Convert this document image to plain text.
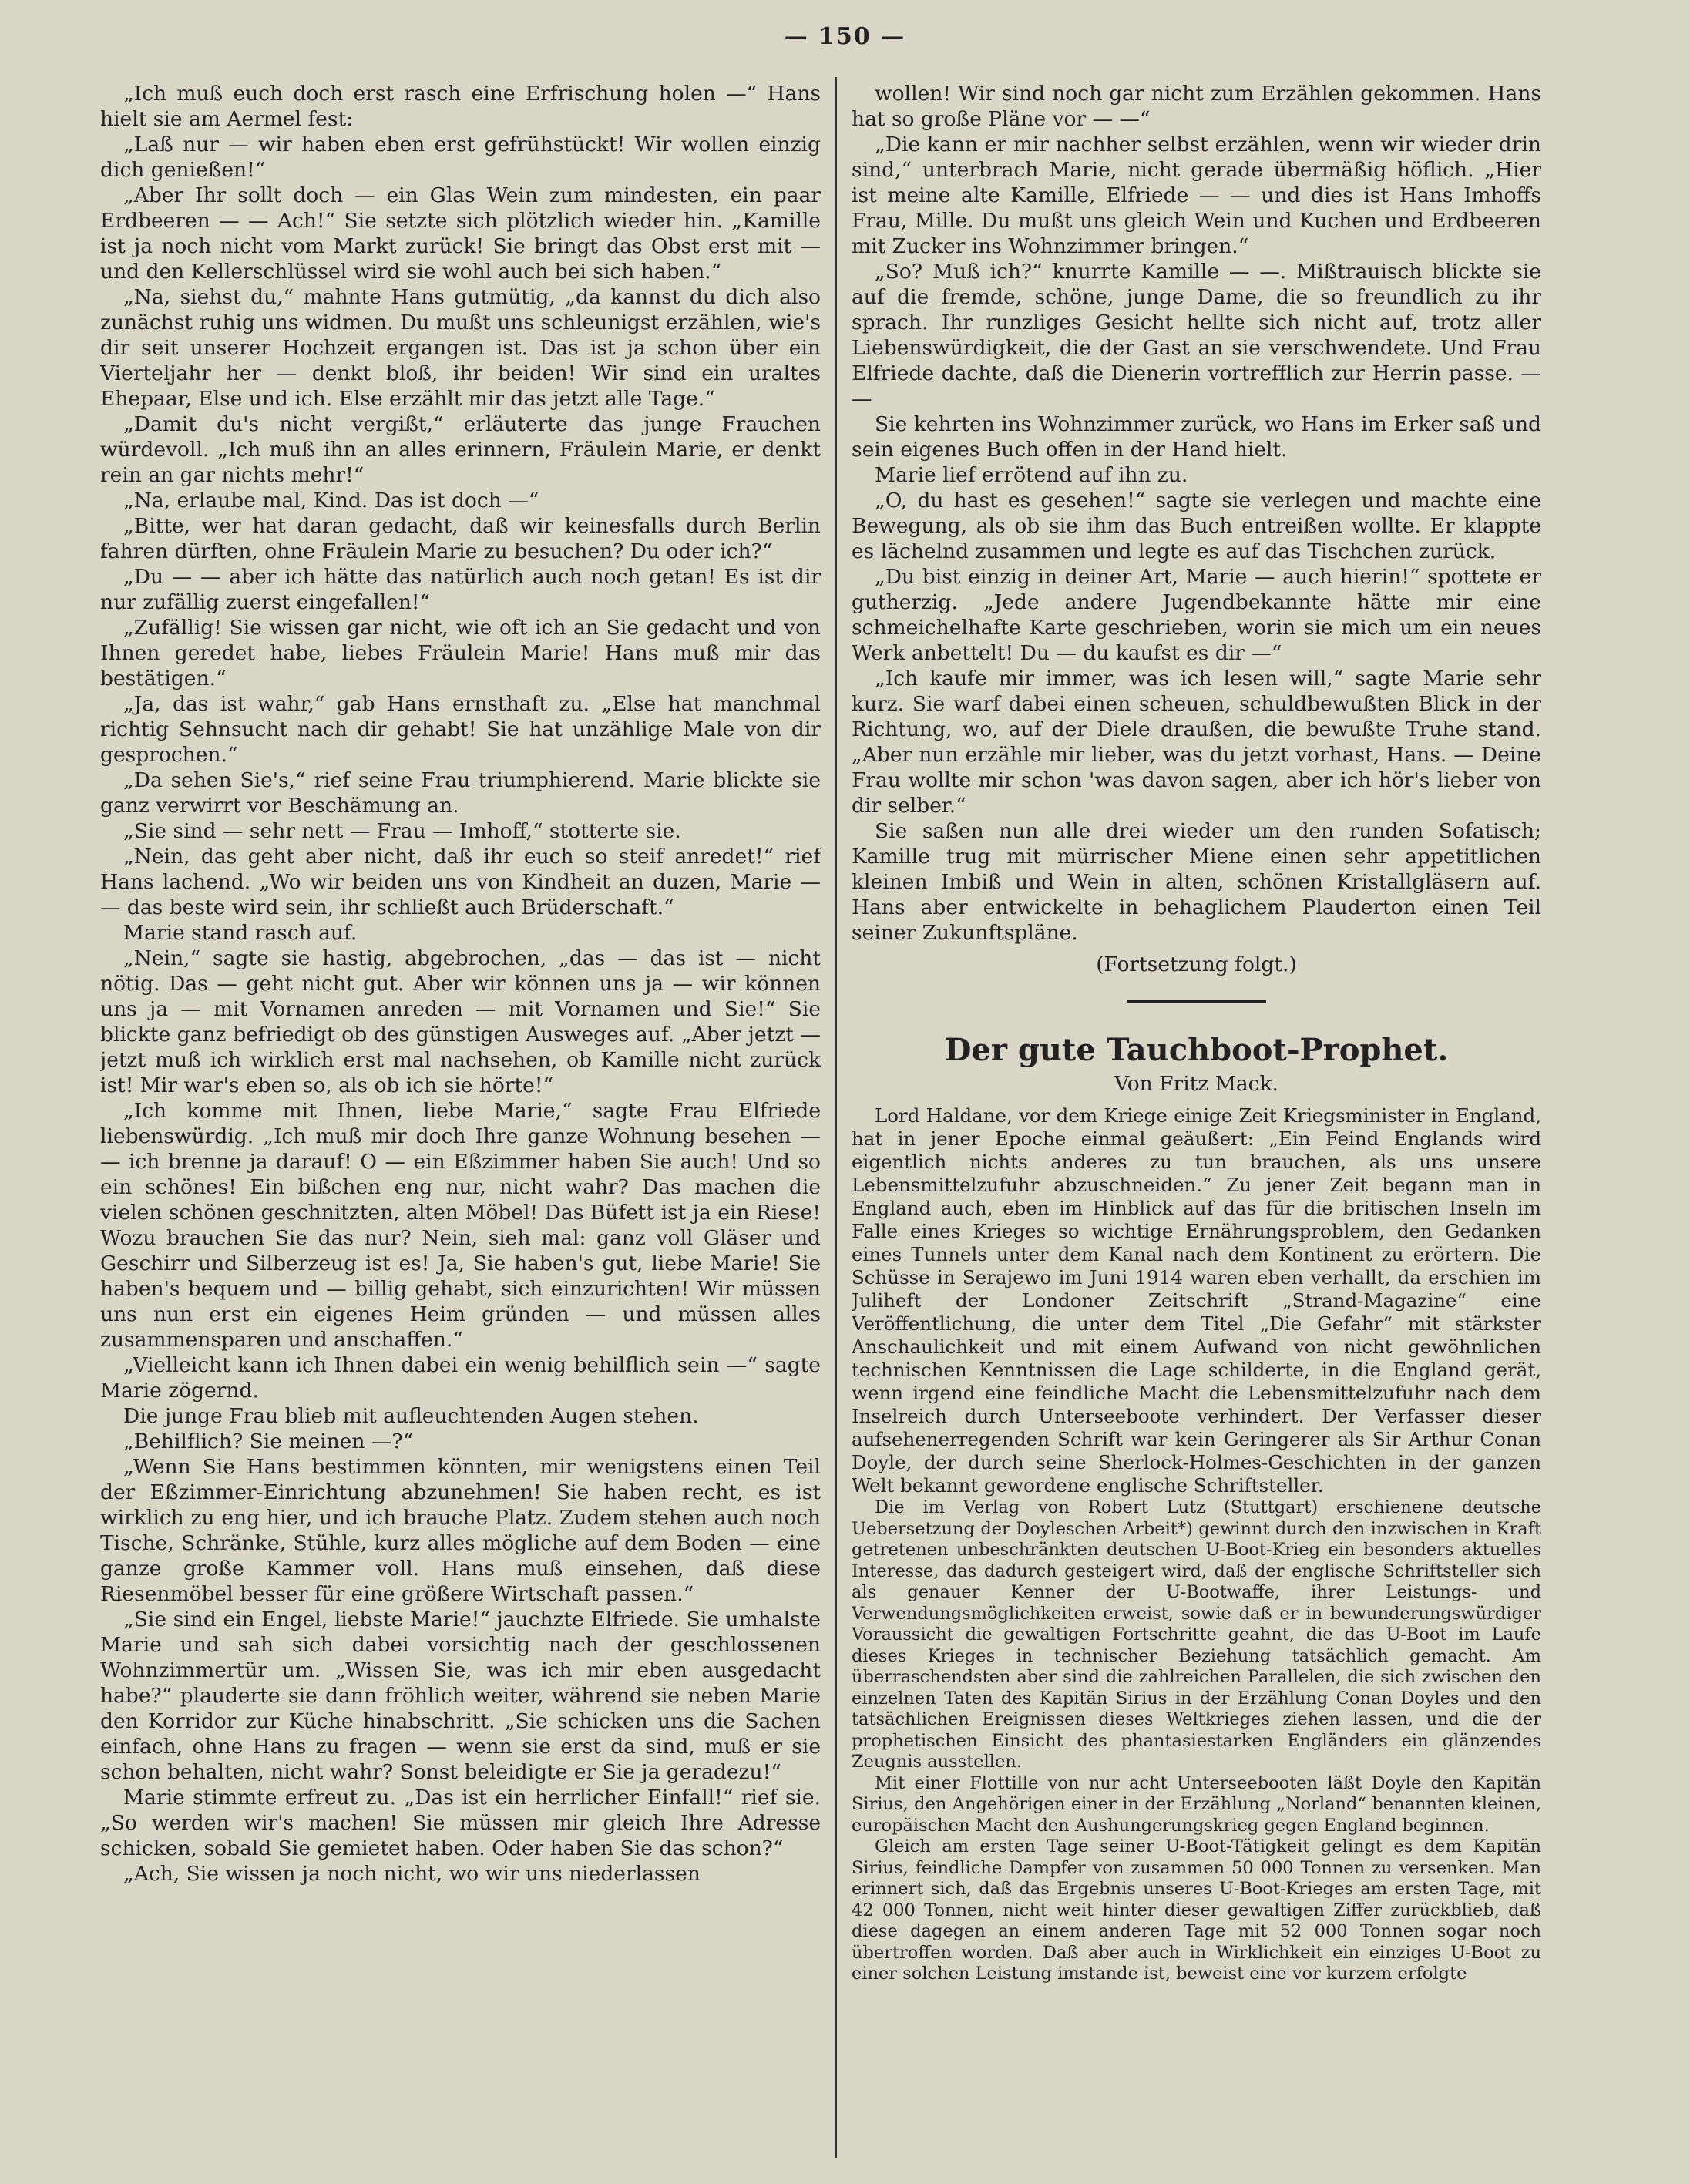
— 150 —

„Ich muß euch doch erst rasch eine Erfrischung holen —“ Hans hielt sie am Aermel fest:

„Laß nur — wir haben eben erst gefrühstückt! Wir wollen einzig dich genießen!“

„Aber Ihr sollt doch — ein Glas Wein zum mindesten, ein paar Erdbeeren — — Ach!“ Sie setzte sich plötzlich wieder hin. „Kamille ist ja noch nicht vom Markt zurück! Sie bringt das Obst erst mit — und den Kellerschlüssel wird sie wohl auch bei sich haben.“

„Na, siehst du,“ mahnte Hans gutmütig, „da kannst du dich also zunächst ruhig uns widmen. Du mußt uns schleunigst erzählen, wie's dir seit unserer Hochzeit ergangen ist. Das ist ja schon über ein Vierteljahr her — denkt bloß, ihr beiden! Wir sind ein uraltes Ehepaar, Else und ich. Else erzählt mir das jetzt alle Tage.“

„Damit du's nicht vergißt,“ erläuterte das junge Frauchen würdevoll. „Ich muß ihn an alles erinnern, Fräulein Marie, er denkt rein an gar nichts mehr!“

„Na, erlaube mal, Kind. Das ist doch —“

„Bitte, wer hat daran gedacht, daß wir keinesfalls durch Berlin fahren dürften, ohne Fräulein Marie zu besuchen? Du oder ich?“

„Du — — aber ich hätte das natürlich auch noch getan! Es ist dir nur zufällig zuerst eingefallen!“

„Zufällig! Sie wissen gar nicht, wie oft ich an Sie gedacht und von Ihnen geredet habe, liebes Fräulein Marie! Hans muß mir das bestätigen.“

„Ja, das ist wahr,“ gab Hans ernsthaft zu. „Else hat manchmal richtig Sehnsucht nach dir gehabt! Sie hat unzählige Male von dir gesprochen.“

„Da sehen Sie's,“ rief seine Frau triumphierend. Marie blickte sie ganz verwirrt vor Beschämung an.

„Sie sind — sehr nett — Frau — Imhoff,“ stotterte sie.

„Nein, das geht aber nicht, daß ihr euch so steif anredet!“ rief Hans lachend. „Wo wir beiden uns von Kindheit an duzen, Marie — — das beste wird sein, ihr schließt auch Brüderschaft.“

Marie stand rasch auf.

„Nein,“ sagte sie hastig, abgebrochen, „das — das ist — nicht nötig. Das — geht nicht gut. Aber wir können uns ja — wir können uns ja — mit Vornamen anreden — mit Vornamen und Sie!“ Sie blickte ganz befriedigt ob des günstigen Ausweges auf. „Aber jetzt — jetzt muß ich wirklich erst mal nachsehen, ob Kamille nicht zurück ist! Mir war's eben so, als ob ich sie hörte!“

„Ich komme mit Ihnen, liebe Marie,“ sagte Frau Elfriede liebenswürdig. „Ich muß mir doch Ihre ganze Wohnung besehen — — ich brenne ja darauf! O — ein Eßzimmer haben Sie auch! Und so ein schönes! Ein bißchen eng nur, nicht wahr? Das machen die vielen schönen geschnitzten, alten Möbel! Das Büfett ist ja ein Riese! Wozu brauchen Sie das nur? Nein, sieh mal: ganz voll Gläser und Geschirr und Silberzeug ist es! Ja, Sie haben's gut, liebe Marie! Sie haben's bequem und — billig gehabt, sich einzurichten! Wir müssen uns nun erst ein eigenes Heim gründen — und müssen alles zusammensparen und anschaffen.“

„Vielleicht kann ich Ihnen dabei ein wenig behilflich sein —“ sagte Marie zögernd.

Die junge Frau blieb mit aufleuchtenden Augen stehen.

„Behilflich? Sie meinen —?“

„Wenn Sie Hans bestimmen könnten, mir wenigstens einen Teil der Eßzimmer-Einrichtung abzunehmen! Sie haben recht, es ist wirklich zu eng hier, und ich brauche Platz. Zudem stehen auch noch Tische, Schränke, Stühle, kurz alles mögliche auf dem Boden — eine ganze große Kammer voll. Hans muß einsehen, daß diese Riesenmöbel besser für eine größere Wirtschaft passen.“

„Sie sind ein Engel, liebste Marie!“ jauchzte Elfriede. Sie umhalste Marie und sah sich dabei vorsichtig nach der geschlossenen Wohnzimmertür um. „Wissen Sie, was ich mir eben ausgedacht habe?“ plauderte sie dann fröhlich weiter, während sie neben Marie den Korridor zur Küche hinabschritt. „Sie schicken uns die Sachen einfach, ohne Hans zu fragen — wenn sie erst da sind, muß er sie schon behalten, nicht wahr? Sonst beleidigte er Sie ja geradezu!“

Marie stimmte erfreut zu. „Das ist ein herrlicher Einfall!“ rief sie. „So werden wir's machen! Sie müssen mir gleich Ihre Adresse schicken, sobald Sie gemietet haben. Oder haben Sie das schon?“

„Ach, Sie wissen ja noch nicht, wo wir uns niederlassen

wollen! Wir sind noch gar nicht zum Erzählen gekommen. Hans hat so große Pläne vor — —“

„Die kann er mir nachher selbst erzählen, wenn wir wieder drin sind,“ unterbrach Marie, nicht gerade übermäßig höflich. „Hier ist meine alte Kamille, Elfriede — — und dies ist Hans Imhoffs Frau, Mille. Du mußt uns gleich Wein und Kuchen und Erdbeeren mit Zucker ins Wohnzimmer bringen.“

„So? Muß ich?“ knurrte Kamille — —. Mißtrauisch blickte sie auf die fremde, schöne, junge Dame, die so freundlich zu ihr sprach. Ihr runzliges Gesicht hellte sich nicht auf, trotz aller Liebenswürdigkeit, die der Gast an sie verschwendete. Und Frau Elfriede dachte, daß die Dienerin vortrefflich zur Herrin passe. — —

Sie kehrten ins Wohnzimmer zurück, wo Hans im Erker saß und sein eigenes Buch offen in der Hand hielt.

Marie lief errötend auf ihn zu.

„O, du hast es gesehen!“ sagte sie verlegen und machte eine Bewegung, als ob sie ihm das Buch entreißen wollte. Er klappte es lächelnd zusammen und legte es auf das Tischchen zurück.

„Du bist einzig in deiner Art, Marie — auch hierin!“ spottete er gutherzig. „Jede andere Jugendbekannte hätte mir eine schmeichelhafte Karte geschrieben, worin sie mich um ein neues Werk anbettelt! Du — du kaufst es dir —“

„Ich kaufe mir immer, was ich lesen will,“ sagte Marie sehr kurz. Sie warf dabei einen scheuen, schuldbewußten Blick in der Richtung, wo, auf der Diele draußen, die bewußte Truhe stand. „Aber nun erzähle mir lieber, was du jetzt vorhast, Hans. — Deine Frau wollte mir schon 'was davon sagen, aber ich hör's lieber von dir selber.“

Sie saßen nun alle drei wieder um den runden Sofatisch; Kamille trug mit mürrischer Miene einen sehr appetitlichen kleinen Imbiß und Wein in alten, schönen Kristallgläsern auf. Hans aber entwickelte in behaglichem Plauderton einen Teil seiner Zukunftspläne.

(Fortsetzung folgt.)

Der gute Tauchboot-Prophet.

Von Fritz Mack.

Lord Haldane, vor dem Kriege einige Zeit Kriegsminister in England, hat in jener Epoche einmal geäußert: „Ein Feind Englands wird eigentlich nichts anderes zu tun brauchen, als uns unsere Lebensmittelzufuhr abzuschneiden.“ Zu jener Zeit begann man in England auch, eben im Hinblick auf das für die britischen Inseln im Falle eines Krieges so wichtige Ernährungsproblem, den Gedanken eines Tunnels unter dem Kanal nach dem Kontinent zu erörtern. Die Schüsse in Serajewo im Juni 1914 waren eben verhallt, da erschien im Juliheft der Londoner Zeitschrift „Strand-Magazine“ eine Veröffentlichung, die unter dem Titel „Die Gefahr“ mit stärkster Anschaulichkeit und mit einem Aufwand von nicht gewöhnlichen technischen Kenntnissen die Lage schilderte, in die England gerät, wenn irgend eine feindliche Macht die Lebensmittelzufuhr nach dem Inselreich durch Unterseeboote verhindert. Der Verfasser dieser aufsehenerregenden Schrift war kein Geringerer als Sir Arthur Conan Doyle, der durch seine Sherlock-Holmes-Geschichten in der ganzen Welt bekannt gewordene englische Schriftsteller.

Die im Verlag von Robert Lutz (Stuttgart) erschienene deutsche Uebersetzung der Doyleschen Arbeit*) gewinnt durch den inzwischen in Kraft getretenen unbeschränkten deutschen U-Boot-Krieg ein besonders aktuelles Interesse, das dadurch gesteigert wird, daß der englische Schriftsteller sich als genauer Kenner der U-Bootwaffe, ihrer Leistungs- und Verwendungsmöglichkeiten erweist, sowie daß er in bewunderungswürdiger Voraussicht die gewaltigen Fortschritte geahnt, die das U-Boot im Laufe dieses Krieges in technischer Beziehung tatsächlich gemacht. Am überraschendsten aber sind die zahlreichen Parallelen, die sich zwischen den einzelnen Taten des Kapitän Sirius in der Erzählung Conan Doyles und den tatsächlichen Ereignissen dieses Weltkrieges ziehen lassen, und die der prophetischen Einsicht des phantasiestarken Engländers ein glänzendes Zeugnis ausstellen.

Mit einer Flottille von nur acht Unterseebooten läßt Doyle den Kapitän Sirius, den Angehörigen einer in der Erzählung „Norland“ benannten kleinen, europäischen Macht den Aushungerungskrieg gegen England beginnen.

Gleich am ersten Tage seiner U-Boot-Tätigkeit gelingt es dem Kapitän Sirius, feindliche Dampfer von zusammen 50 000 Tonnen zu versenken. Man erinnert sich, daß das Ergebnis unseres U-Boot-Krieges am ersten Tage, mit 42 000 Tonnen, nicht weit hinter dieser gewaltigen Ziffer zurückblieb, daß diese dagegen an einem anderen Tage mit 52 000 Tonnen sogar noch übertroffen worden. Daß aber auch in Wirklichkeit ein einziges U-Boot zu einer solchen Leistung imstande ist, beweist eine vor kurzem erfolgte
